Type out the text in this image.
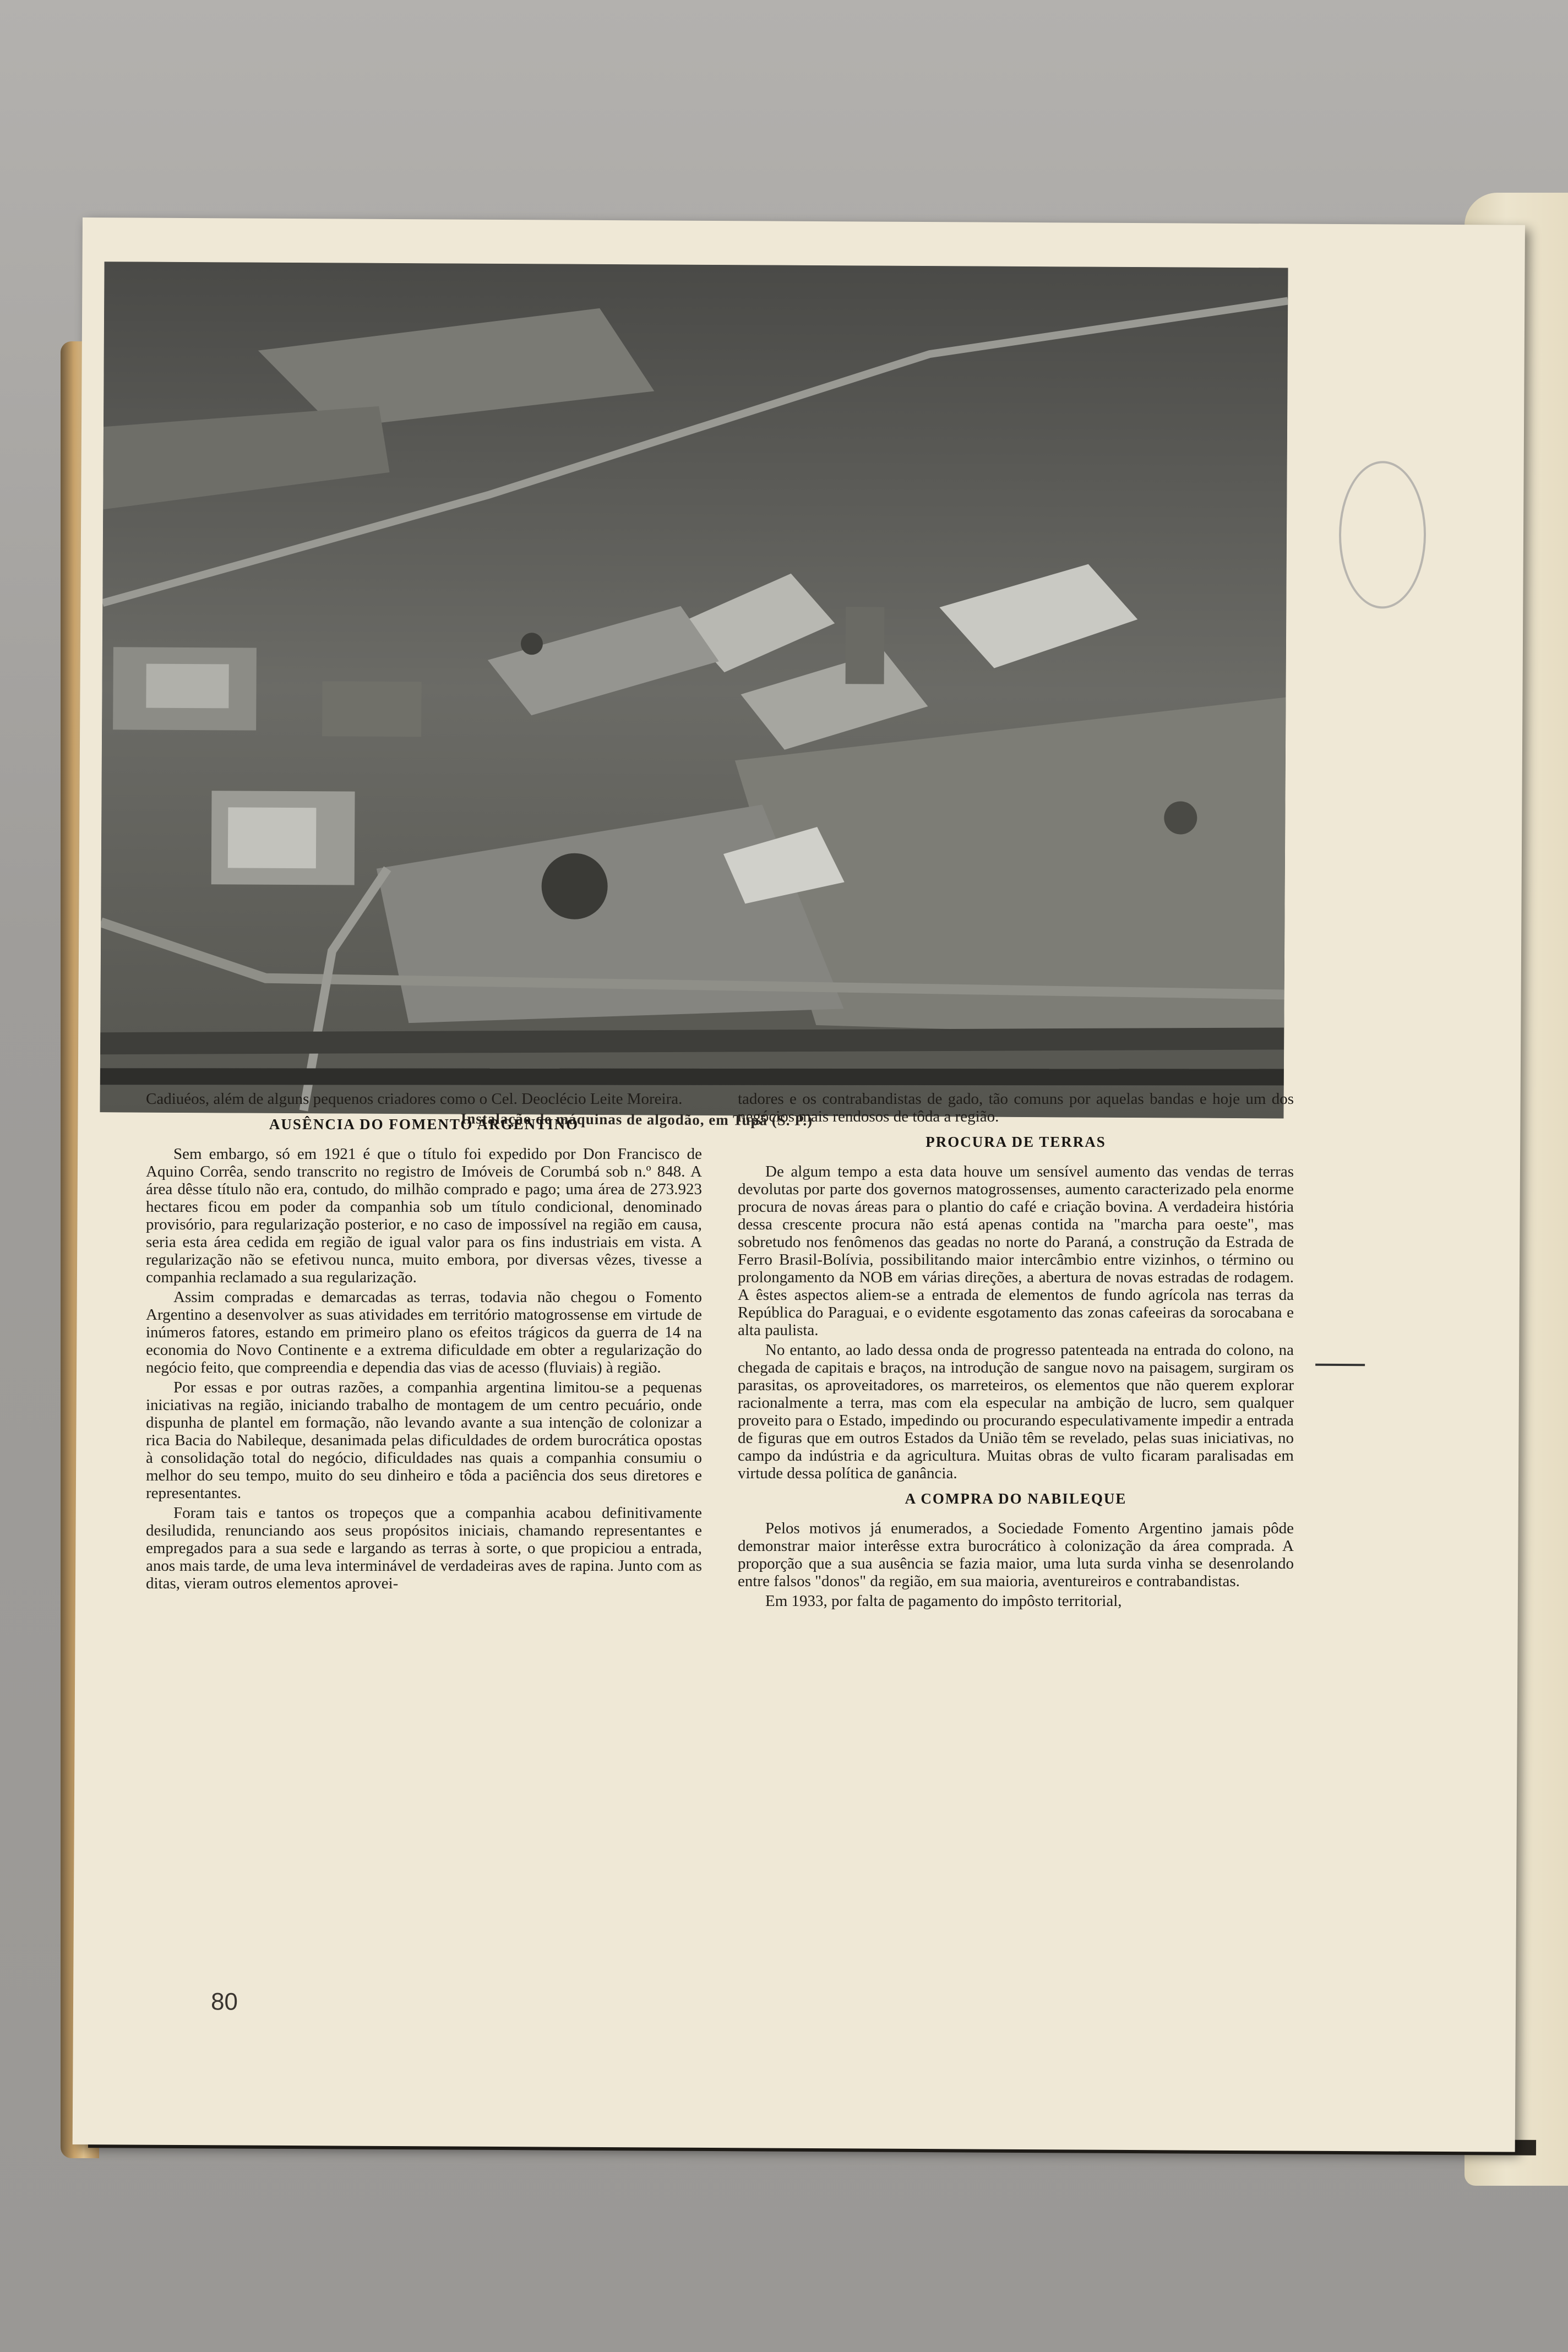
Instalação de máquinas de algodão, em Tupã (S. P.)
80

Cadiuéos, além de alguns pequenos criadores como o Cel. Deoclécio Leite Moreira.

AUSÊNCIA DO FOMENTO ARGENTINO

Sem embargo, só em 1921 é que o título foi expedido por Don Francisco de Aquino Corrêa, sendo transcrito no registro de Imóveis de Corumbá sob n.º 848. A área dêsse título não era, contudo, do milhão comprado e pago; uma área de 273.923 hectares ficou em poder da companhia sob um título condicional, denominado provisório, para regularização posterior, e no caso de impossível na região em causa, seria esta área cedida em região de igual valor para os fins industriais em vista. A regularização não se efetivou nunca, muito embora, por diversas vêzes, tivesse a companhia reclamado a sua regularização.

Assim compradas e demarcadas as terras, todavia não chegou o Fomento Argentino a desenvolver as suas atividades em território matogrossense em virtude de inúmeros fatores, estando em primeiro plano os efeitos trágicos da guerra de 14 na economia do Novo Continente e a extrema dificuldade em obter a regularização do negócio feito, que compreendia e dependia das vias de acesso (fluviais) à região.

Por essas e por outras razões, a companhia argentina limitou-se a pequenas iniciativas na região, iniciando trabalho de montagem de um centro pecuário, onde dispunha de plantel em formação, não levando avante a sua intenção de colonizar a rica Bacia do Nabileque, desanimada pelas dificuldades de ordem burocrática opostas à consolidação total do negócio, dificuldades nas quais a companhia consumiu o melhor do seu tempo, muito do seu dinheiro e tôda a paciência dos seus diretores e representantes.

Foram tais e tantos os tropeços que a companhia acabou definitivamente desiludida, renunciando aos seus propósitos iniciais, chamando representantes e empregados para a sua sede e largando as terras à sorte, o que propiciou a entrada, anos mais tarde, de uma leva interminável de verdadeiras aves de rapina. Junto com as ditas, vieram outros elementos aprovei-

tadores e os contrabandistas de gado, tão comuns por aquelas bandas e hoje um dos negócios mais rendosos de tôda a região.

PROCURA DE TERRAS

De algum tempo a esta data houve um sensível aumento das vendas de terras devolutas por parte dos governos matogrossenses, aumento caracterizado pela enorme procura de novas áreas para o plantio do café e criação bovina. A verdadeira história dessa crescente procura não está apenas contida na "marcha para oeste", mas sobretudo nos fenômenos das geadas no norte do Paraná, a construção da Estrada de Ferro Brasil-Bolívia, possibilitando maior intercâmbio entre vizinhos, o término ou prolongamento da NOB em várias direções, a abertura de novas estradas de rodagem. A êstes aspectos aliem-se a entrada de elementos de fundo agrícola nas terras da República do Paraguai, e o evidente esgotamento das zonas cafeeiras da sorocabana e alta paulista.

No entanto, ao lado dessa onda de progresso patenteada na entrada do colono, na chegada de capitais e braços, na introdução de sangue novo na paisagem, surgiram os parasitas, os aproveitadores, os marreteiros, os elementos que não querem explorar racionalmente a terra, mas com ela especular na ambição de lucro, sem qualquer proveito para o Estado, impedindo ou procurando especulativamente impedir a entrada de figuras que em outros Estados da União têm se revelado, pelas suas iniciativas, no campo da indústria e da agricultura. Muitas obras de vulto ficaram paralisadas em virtude dessa política de ganância.

A COMPRA DO NABILEQUE

Pelos motivos já enumerados, a Sociedade Fomento Argentino jamais pôde demonstrar maior interêsse extra burocrático à colonização da área comprada. A proporção que a sua ausência se fazia maior, uma luta surda vinha se desenrolando entre falsos "donos" da região, em sua maioria, aventureiros e contrabandistas.

Em 1933, por falta de pagamento do impôsto territorial,
